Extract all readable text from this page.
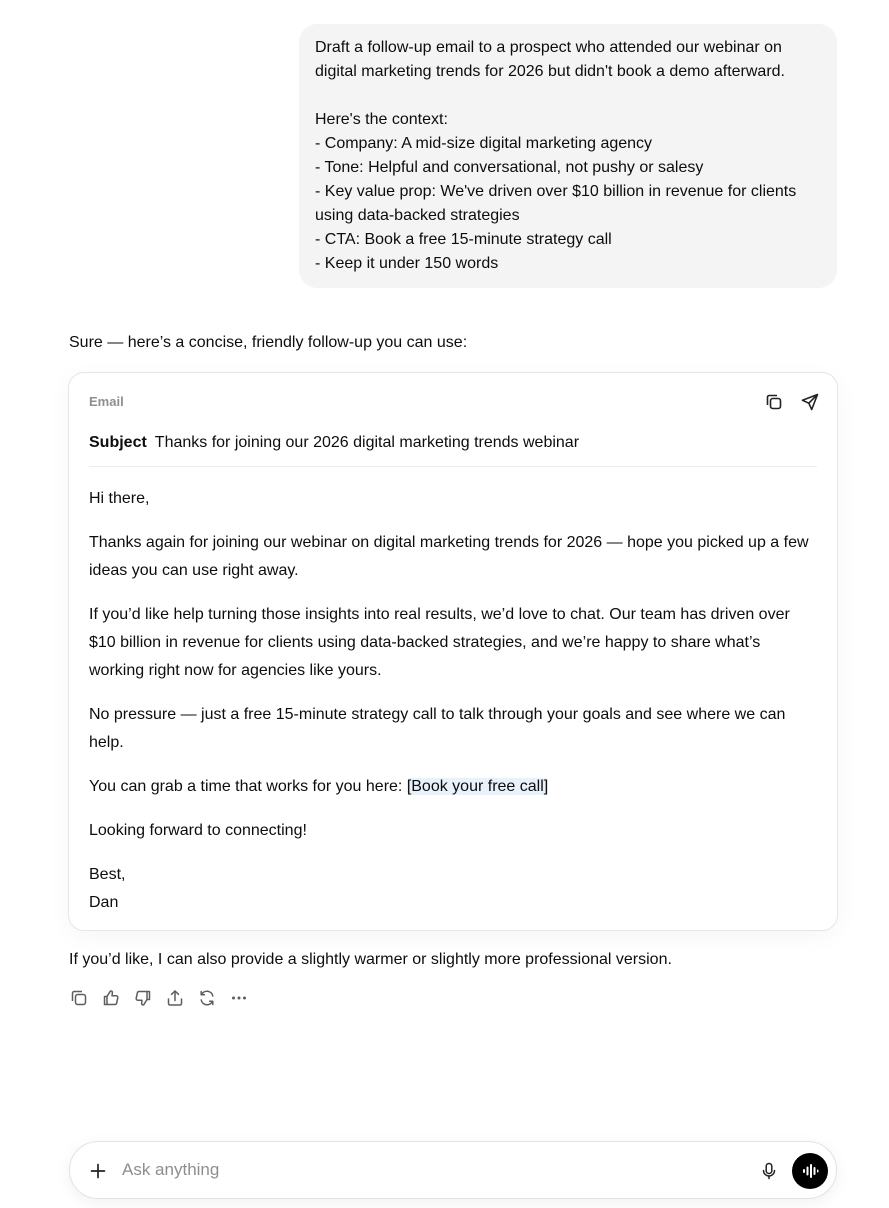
Draft a follow-up email to a prospect who attended our webinar on digital marketing trends for 2026 but didn't book a demo afterward.

Here's the context:
- Company: A mid-size digital marketing agency
- Tone: Helpful and conversational, not pushy or salesy
- Key value prop: We've driven over $10 billion in revenue for clients using data-backed strategies
- CTA: Book a free 15-minute strategy call
- Keep it under 150 words

Sure — here’s a concise, friendly follow-up you can use:
Email
Subject Thanks for joining our 2026 digital marketing trends webinar
Hi there,
Thanks again for joining our webinar on digital marketing trends for 2026 — hope you picked up a few ideas you can use right away.
If you’d like help turning those insights into real results, we’d love to chat. Our team has driven over $10 billion in revenue for clients using data-backed strategies, and we’re happy to share what’s working right now for agencies like yours.
No pressure — just a free 15-minute strategy call to talk through your goals and see where we can help.
You can grab a time that works for you here: [Book your free call]
Looking forward to connecting!
Best,
Dan
If you’d like, I can also provide a slightly warmer or slightly more professional version.
Ask anything
